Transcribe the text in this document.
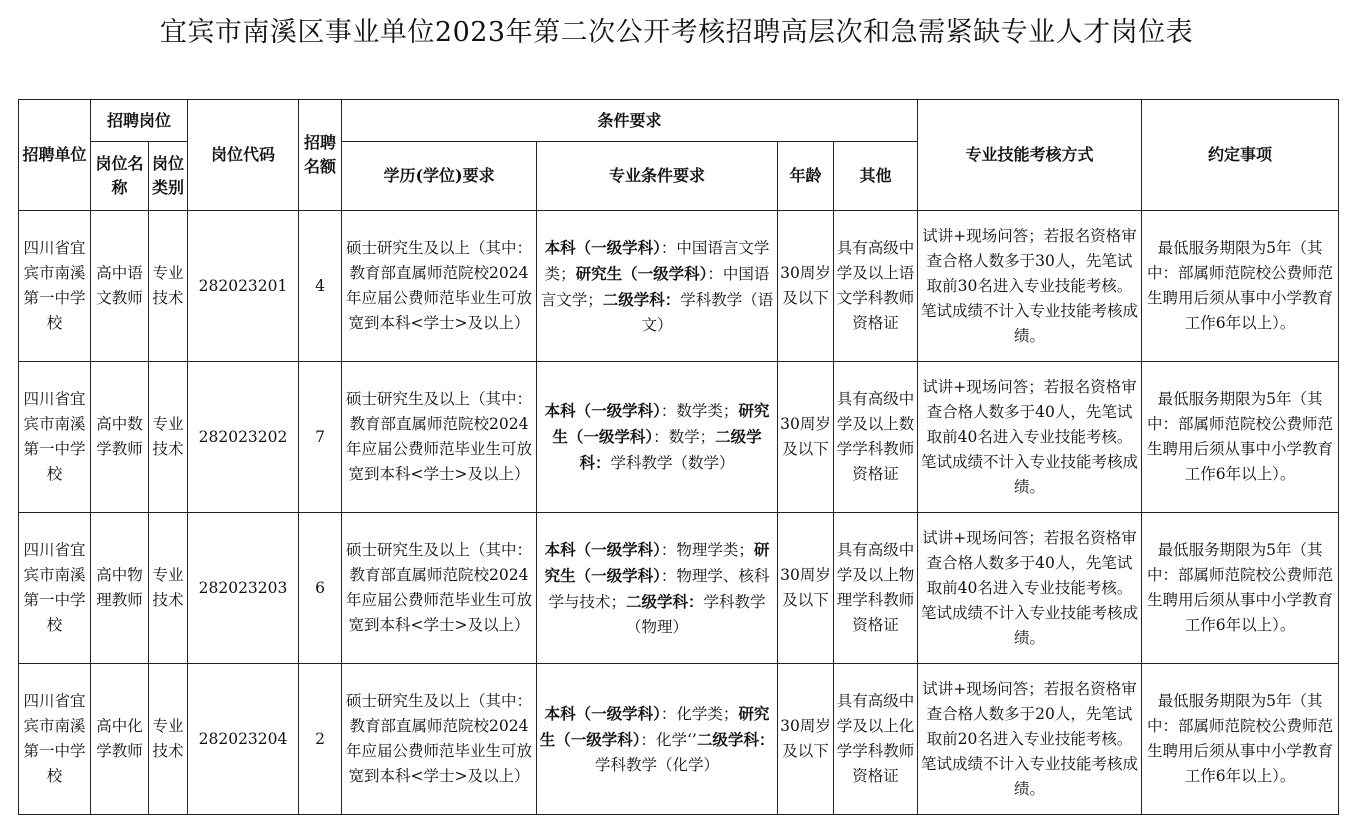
宜宾市南溪区事业单位2023年第二次公开考核招聘高层次和急需紧缺专业人才岗位表
招聘单位	招聘岗位		岗位代码	招聘名额	条件要求				专业技能考核方式	约定事项
	岗位名称	岗位类别			学历(学位)要求	专业条件要求	年龄	其他		
四川省宜宾市南溪第一中学校	高中语文教师	专业技术	282023201	4	硕士研究生及以上（其中：教育部直属师范院校2024年应届公费师范毕业生可放宽到本科<学士>及以上）	本科（一级学科）：中国语言文学类；研究生（一级学科）：中国语言文学；二级学科：学科教学（语文）	30周岁及以下	具有高级中学及以上语文学科教师资格证	试讲+现场问答；若报名资格审查合格人数多于30人，先笔试取前30名进入专业技能考核。笔试成绩不计入专业技能考核成绩。	最低服务期限为5年（其中：部属师范院校公费师范生聘用后须从事中小学教育工作6年以上）。
四川省宜宾市南溪第一中学校	高中数学教师	专业技术	282023202	7	硕士研究生及以上（其中：教育部直属师范院校2024年应届公费师范毕业生可放宽到本科<学士>及以上）	本科（一级学科）：数学类；研究生（一级学科）：数学；二级学科：学科教学（数学）	30周岁及以下	具有高级中学及以上数学学科教师资格证	试讲+现场问答；若报名资格审查合格人数多于40人，先笔试取前40名进入专业技能考核。笔试成绩不计入专业技能考核成绩。	最低服务期限为5年（其中：部属师范院校公费师范生聘用后须从事中小学教育工作6年以上）。
四川省宜宾市南溪第一中学校	高中物理教师	专业技术	282023203	6	硕士研究生及以上（其中：教育部直属师范院校2024年应届公费师范毕业生可放宽到本科<学士>及以上）	本科（一级学科）：物理学类；研究生（一级学科）：物理学、核科学与技术；二级学科：学科教学（物理）	30周岁及以下	具有高级中学及以上物理学科教师资格证	试讲+现场问答；若报名资格审查合格人数多于40人，先笔试取前40名进入专业技能考核。笔试成绩不计入专业技能考核成绩。	最低服务期限为5年（其中：部属师范院校公费师范生聘用后须从事中小学教育工作6年以上）。
四川省宜宾市南溪第一中学校	高中化学教师	专业技术	282023204	2	硕士研究生及以上（其中：教育部直属师范院校2024年应届公费师范毕业生可放宽到本科<学士>及以上）	本科（一级学科）：化学类；研究生（一级学科）：化学‘’二级学科：学科教学（化学）	30周岁及以下	具有高级中学及以上化学学科教师资格证	试讲+现场问答；若报名资格审查合格人数多于20人，先笔试取前20名进入专业技能考核。笔试成绩不计入专业技能考核成绩。	最低服务期限为5年（其中：部属师范院校公费师范生聘用后须从事中小学教育工作6年以上）。
